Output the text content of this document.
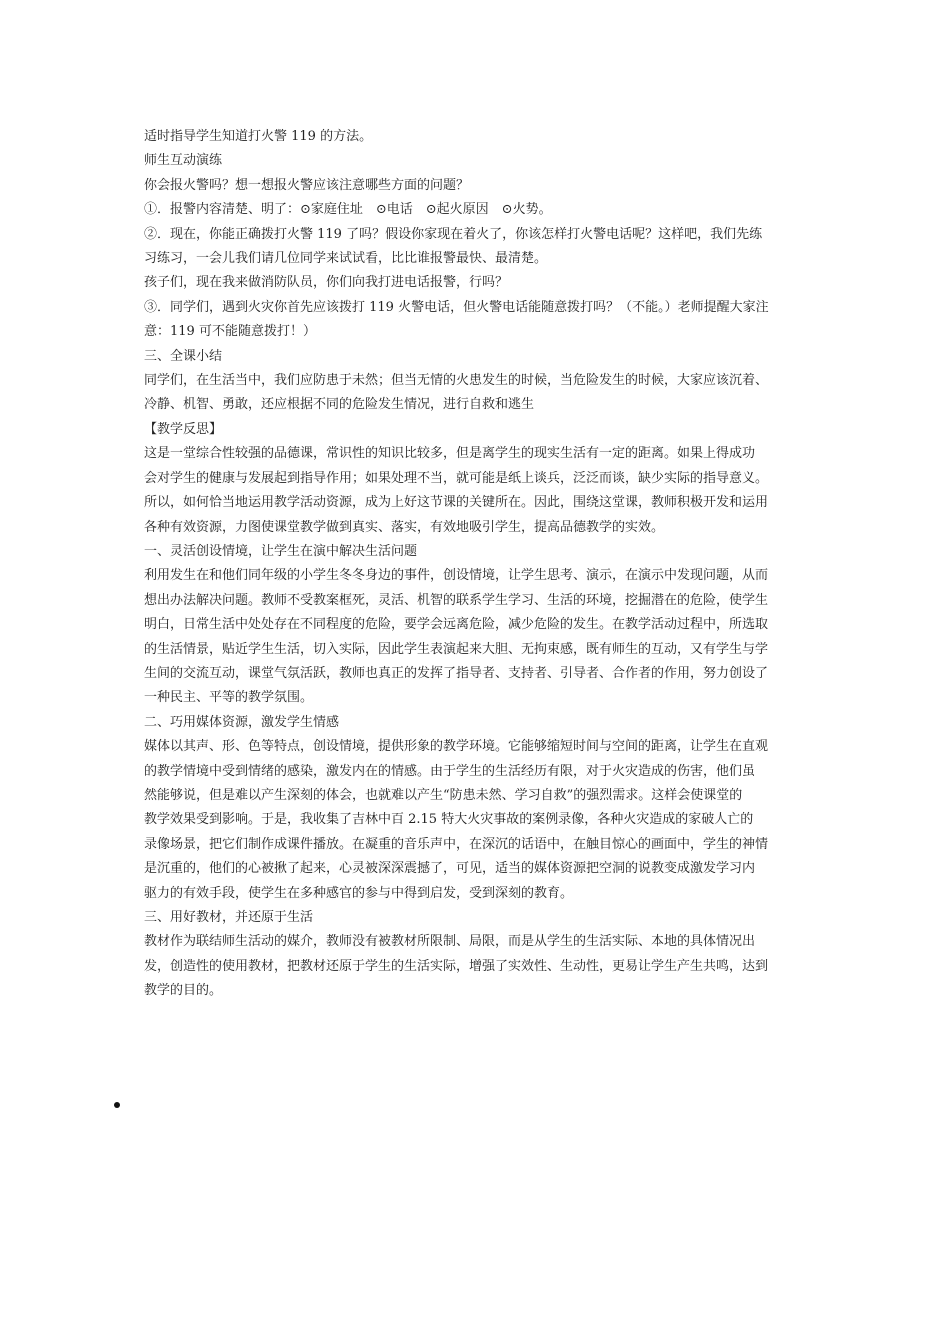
适时指导学生知道打火警 119 的方法。

师生互动演练

你会报火警吗？想一想报火警应该注意哪些方面的问题？

①．报警内容清楚、明了：⊙家庭住址　⊙电话　⊙起火原因　⊙火势。

②．现在，你能正确拨打火警 119 了吗？假设你家现在着火了，你该怎样打火警电话呢？这样吧，我们先练

习练习，一会儿我们请几位同学来试试看，比比谁报警最快、最清楚。

孩子们，现在我来做消防队员，你们向我打进电话报警，行吗？

③．同学们，遇到火灾你首先应该拨打 119 火警电话，但火警电话能随意拨打吗？（不能。）老师提醒大家注

意：119 可不能随意拨打！）

三、全课小结

同学们，在生活当中，我们应防患于未然；但当无情的火患发生的时候，当危险发生的时候，大家应该沉着、

冷静、机智、勇敢，还应根据不同的危险发生情况，进行自救和逃生

【教学反思】

这是一堂综合性较强的品德课，常识性的知识比较多，但是离学生的现实生活有一定的距离。如果上得成功

会对学生的健康与发展起到指导作用；如果处理不当，就可能是纸上谈兵，泛泛而谈，缺少实际的指导意义。

所以，如何恰当地运用教学活动资源，成为上好这节课的关键所在。因此，围绕这堂课，教师积极开发和运用

各种有效资源，力图使课堂教学做到真实、落实，有效地吸引学生，提高品德教学的实效。

一、灵活创设情境，让学生在演中解决生活问题

利用发生在和他们同年级的小学生冬冬身边的事件，创设情境，让学生思考、演示，在演示中发现问题，从而

想出办法解决问题。教师不受教案框死，灵活、机智的联系学生学习、生活的环境，挖掘潜在的危险，使学生

明白，日常生活中处处存在不同程度的危险，要学会远离危险，减少危险的发生。在教学活动过程中，所选取

的生活情景，贴近学生生活，切入实际，因此学生表演起来大胆、无拘束感，既有师生的互动，又有学生与学

生间的交流互动，课堂气氛活跃，教师也真正的发挥了指导者、支持者、引导者、合作者的作用，努力创设了

一种民主、平等的教学氛围。

二、巧用媒体资源，激发学生情感

媒体以其声、形、色等特点，创设情境，提供形象的教学环境。它能够缩短时间与空间的距离，让学生在直观

的教学情境中受到情绪的感染，激发内在的情感。由于学生的生活经历有限，对于火灾造成的伤害，他们虽

然能够说，但是难以产生深刻的体会，也就难以产生“防患未然、学习自救”的强烈需求。这样会使课堂的

教学效果受到影响。于是，我收集了吉林中百 2.15 特大火灾事故的案例录像，各种火灾造成的家破人亡的

录像场景，把它们制作成课件播放。在凝重的音乐声中，在深沉的话语中，在触目惊心的画面中，学生的神情

是沉重的，他们的心被揪了起来，心灵被深深震撼了，可见，适当的媒体资源把空洞的说教变成激发学习内

驱力的有效手段，使学生在多种感官的参与中得到启发，受到深刻的教育。

三、用好教材，并还原于生活

教材作为联结师生活动的媒介，教师没有被教材所限制、局限，而是从学生的生活实际、本地的具体情况出

发，创造性的使用教材，把教材还原于学生的生活实际，增强了实效性、生动性，更易让学生产生共鸣，达到

教学的目的。
